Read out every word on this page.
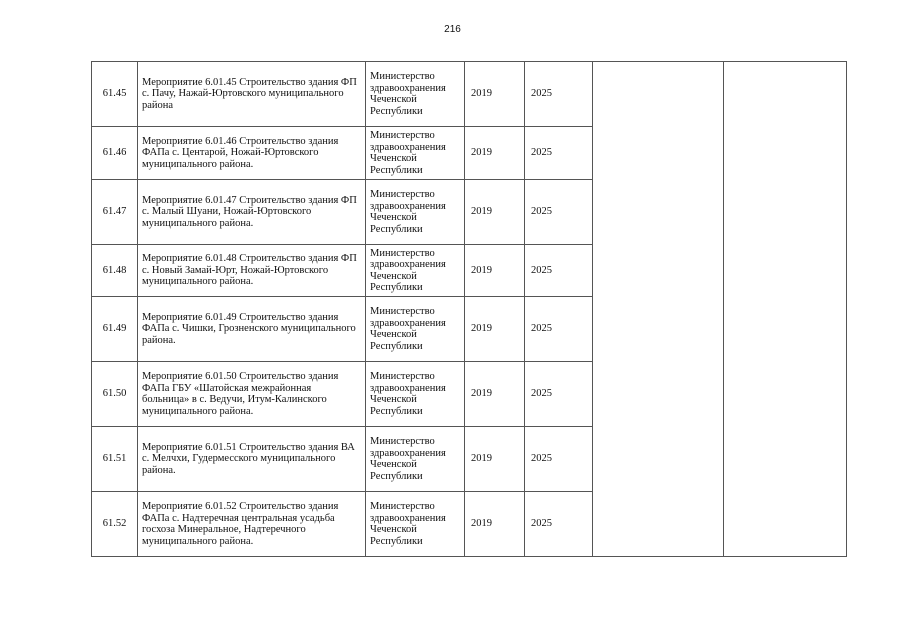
216
61.45	Мероприятие 6.01.45 Строительство здания ФП с. Пачу, Нажай-Юртовского муниципального района	Министерство здравоохранения Чеченской Республики	2019	2025		
61.46	Мероприятие 6.01.46 Строительство здания ФАПа с. Центарой, Ножай-Юртовского муниципального района.	Министерство здравоохранения Чеченской Республики	2019	2025		
61.47	Мероприятие 6.01.47 Строительство здания ФП с. Малый Шуани, Ножай-Юртовского муниципального района.	Министерство здравоохранения Чеченской Республики	2019	2025		
61.48	Мероприятие 6.01.48 Строительство здания ФП с. Новый Замай-Юрт, Ножай-Юртовского муниципального района.	Министерство здравоохранения Чеченской Республики	2019	2025		
61.49	Мероприятие 6.01.49 Строительство здания ФАПа с. Чишки, Грозненского муниципального района.	Министерство здравоохранения Чеченской Республики	2019	2025		
61.50	Мероприятие 6.01.50 Строительство здания ФАПа ГБУ «Шатойская межрайонная больница» в с. Ведучи, Итум-Калинского муниципального района.	Министерство здравоохранения Чеченской Республики	2019	2025		
61.51	Мероприятие 6.01.51 Строительство здания ВА с. Мелчхи, Гудермесского муниципального района.	Министерство здравоохранения Чеченской Республики	2019	2025		
61.52	Мероприятие 6.01.52 Строительство здания ФАПа с. Надтеречная центральная усадьба госхоза Минеральное, Надтеречного муниципального района.	Министерство здравоохранения Чеченской Республики	2019	2025		
